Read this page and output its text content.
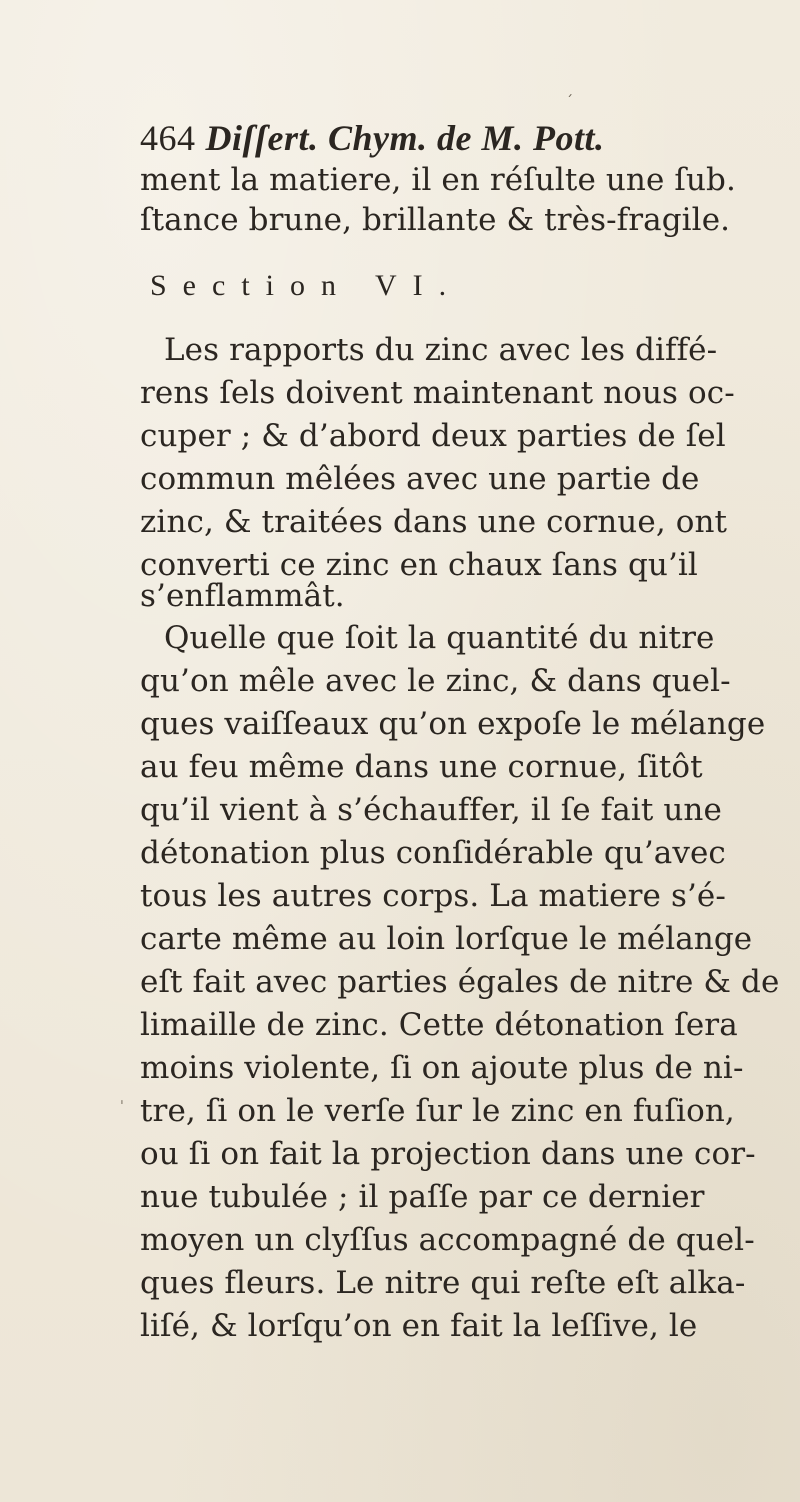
464 Diſſert. Chym. de M. Pott.
ment la matiere, il en réſulte une ſub.
ſtance brune, brillante & très-fragile.
Section VI.
Les rapports du zinc avec les diffé-
rens ſels doivent maintenant nous oc-
cuper ; & d’abord deux parties de ſel
commun mêlées avec une partie de
zinc, & traitées dans une cornue, ont
converti ce zinc en chaux ſans qu’il
s’enflammât.
Quelle que ſoit la quantité du nitre
qu’on mêle avec le zinc, & dans quel-
ques vaiſſeaux qu’on expoſe le mélange
au feu même dans une cornue, ſitôt
qu’il vient à s’échauffer, il ſe fait une
détonation plus conſidérable qu’avec
tous les autres corps. La matiere s’é-
carte même au loin lorſque le mélange
eſt fait avec parties égales de nitre & de
limaille de zinc. Cette détonation ſera
moins violente, ſi on ajoute plus de ni-
tre, ſi on le verſe ſur le zinc en fuſion,
ou ſi on fait la projection dans une cor-
nue tubulée ; il paſſe par ce dernier
moyen un clyſſus accompagné de quel-
ques fleurs. Le nitre qui reſte eſt alka-
liſé, & lorſqu’on en fait la leſſive, le
´
ˌ
